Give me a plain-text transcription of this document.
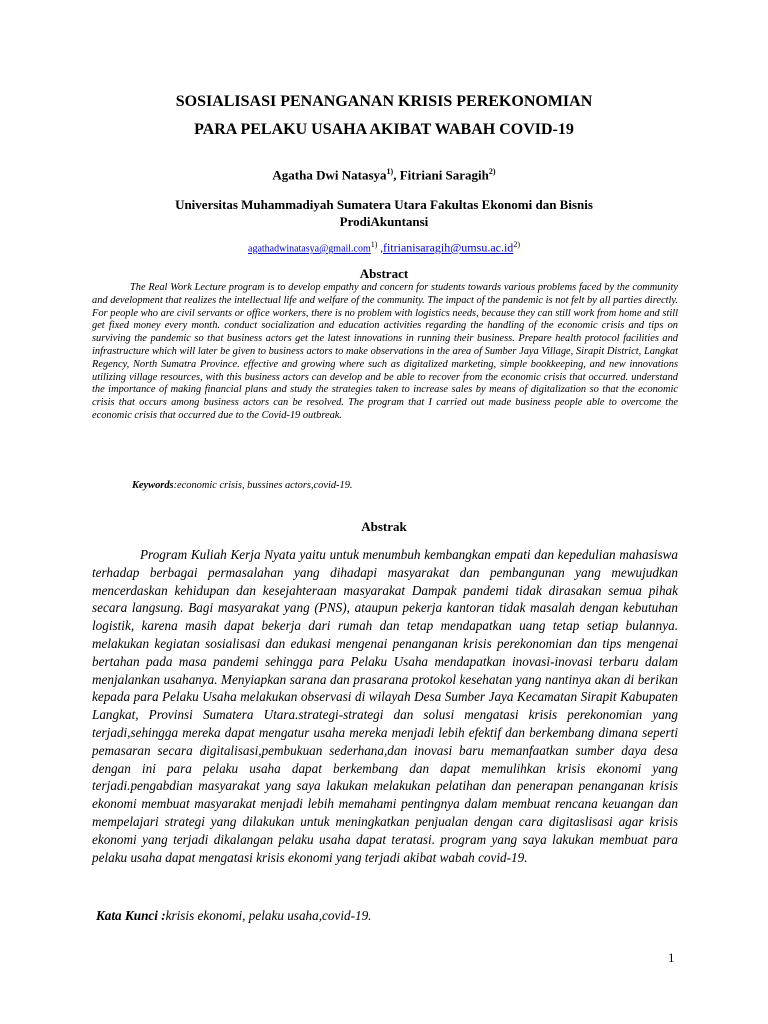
SOSIALISASI PENANGANAN KRISIS PEREKONOMIAN
PARA PELAKU USAHA AKIBAT WABAH COVID-19
Agatha Dwi Natasya$^{1)}$, Fitriani Saragih$^{2)}$
Universitas Muhammadiyah Sumatera Utara Fakultas Ekonomi dan Bisnis
ProdiAkuntansi
agathadwinatasya@gmail.com$^{1)}$ $,fitrianisaragih@umsu.ac.id^{2)}$
Abstract

The Real Work Lecture program is to develop empathy and concern for students towards various problems faced by the community and development that realizes the intellectual life and welfare of the community. The impact of the pandemic is not felt by all parties directly. For people who are civil servants or office workers, there is no problem with logistics needs, because they can still work from home and still get fixed money every month. conduct socialization and education activities regarding the handling of the economic crisis and tips on surviving the pandemic so that business actors get the latest innovations in running their business. Prepare health protocol facilities and infrastructure which will later be given to business actors to make observations in the area of Sumber Jaya Village, Sirapit District, Langkat Regency, North Sumatra Province. effective and growing where such as digitalized marketing, simple bookkeeping, and new innovations utilizing village resources, with this business actors can develop and be able to recover from the economic crisis that occurred. understand the importance of making financial plans and study the strategies taken to increase sales by means of digitalization so that the economic crisis that occurs among business actors can be resolved. The program that I carried out made business people able to overcome the economic crisis that occurred due to the Covid-19 outbreak.

Keywords:economic crisis, bussines actors,covid-19.
Abstrak

Program Kuliah Kerja Nyata yaitu untuk menumbuh kembangkan empati dan kepedulian mahasiswa terhadap berbagai permasalahan yang dihadapi masyarakat dan pembangunan yang mewujudkan mencerdaskan kehidupan dan kesejahteraan masyarakat Dampak pandemi tidak dirasakan semua pihak secara langsung. Bagi masyarakat yang (PNS), ataupun pekerja kantoran tidak masalah dengan kebutuhan logistik, karena masih dapat bekerja dari rumah dan tetap mendapatkan uang tetap setiap bulannya. melakukan kegiatan sosialisasi dan edukasi mengenai penanganan krisis perekonomian dan tips mengenai bertahan pada masa pandemi sehingga para Pelaku Usaha mendapatkan inovasi-inovasi terbaru dalam menjalankan usahanya. Menyiapkan sarana dan prasarana protokol kesehatan yang nantinya akan di berikan kepada para Pelaku Usaha melakukan observasi di wilayah Desa Sumber Jaya Kecamatan Sirapit Kabupaten Langkat, Provinsi Sumatera Utara.strategi-strategi dan solusi mengatasi krisis perekonomian yang terjadi,sehingga mereka dapat mengatur usaha mereka menjadi lebih efektif dan berkembang dimana seperti pemasaran secara digitalisasi,pembukuan sederhana,dan inovasi baru memanfaatkan sumber daya desa dengan ini para pelaku usaha dapat berkembang dan dapat memulihkan krisis ekonomi yang terjadi.pengabdian masyarakat yang saya lakukan melakukan pelatihan dan penerapan penanganan krisis ekonomi membuat masyarakat menjadi lebih memahami pentingnya dalam membuat rencana keuangan dan mempelajari strategi yang dilakukan untuk meningkatkan penjualan dengan cara digitaslisasi agar krisis ekonomi yang terjadi dikalangan pelaku usaha dapat teratasi. program yang saya lakukan membuat para pelaku usaha dapat mengatasi krisis ekonomi yang terjadi akibat wabah covid-19.

Kata Kunci :krisis ekonomi, pelaku usaha,covid-19.
1
